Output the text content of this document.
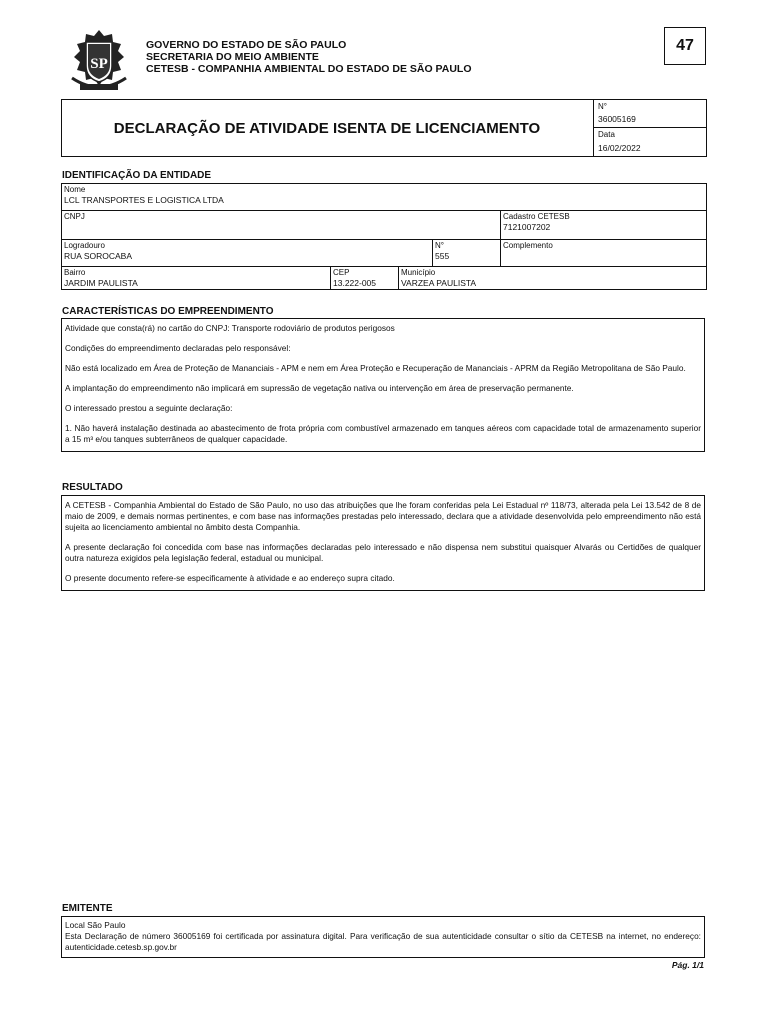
SP
GOVERNO DO ESTADO DE SÃO PAULO
SECRETARIA DO MEIO AMBIENTE
CETESB - COMPANHIA AMBIENTAL DO ESTADO DE SÃO PAULO
47
DECLARAÇÃO DE ATIVIDADE ISENTA DE LICENCIAMENTO
N°
36005169
Data
16/02/2022
IDENTIFICAÇÃO DA ENTIDADE
Nome
LCL TRANSPORTES E LOGISTICA LTDA
CNPJ	Cadastro CETESB
7121007202
Logradouro
RUA SOROCABA
N°
555
Complemento
Bairro
JARDIM PAULISTA
CEP
13.222-005
Município
VARZEA PAULISTA
CARACTERÍSTICAS DO EMPREENDIMENTO

Atividade que consta(rá) no cartão do CNPJ: Transporte rodoviário de produtos perigosos

Condições do empreendimento declaradas pelo responsável:

Não está localizado em Área de Proteção de Mananciais - APM e nem em Área Proteção e Recuperação de Mananciais - APRM da Região Metropolitana de São Paulo.

A implantação do empreendimento não implicará em supressão de vegetação nativa ou intervenção em área de preservação permanente.

O interessado prestou a seguinte declaração:

1. Não haverá instalação destinada ao abastecimento de frota própria com combustível armazenado em tanques aéreos com capacidade total de armazenamento superior a 15 m³ e/ou tanques subterrâneos de qualquer capacidade.

RESULTADO

A CETESB - Companhia Ambiental do Estado de São Paulo, no uso das atribuições que lhe foram conferidas pela Lei Estadual nº 118/73, alterada pela Lei 13.542 de 8 de maio de 2009, e demais normas pertinentes, e com base nas informações prestadas pelo interessado, declara que a atividade desenvolvida pelo empreendimento não está sujeita ao licenciamento ambiental no âmbito desta Companhia.

A presente declaração foi concedida com base nas informações declaradas pelo interessado e não dispensa nem substitui quaisquer Alvarás ou Certidões de qualquer outra natureza exigidos pela legislação federal, estadual ou municipal.

O presente documento refere-se especificamente à atividade e ao endereço supra citado.

EMITENTE

Local São Paulo

Esta Declaração de número 36005169 foi certificada por assinatura digital. Para verificação de sua autenticidade consultar o sítio da CETESB na internet, no endereço: autenticidade.cetesb.sp.gov.br

Pág. 1/1
